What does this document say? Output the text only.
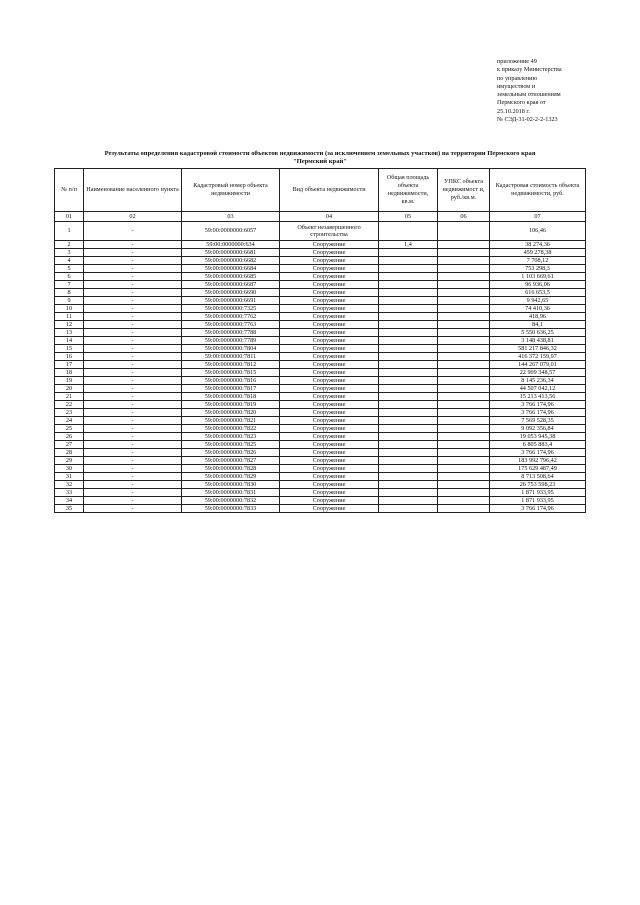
приложение 49
к приказу Министерства
по управлению
имуществом и
земельным отношениям
Пермского края от
25.10.2018 г.
№ СЭД-31-02-2-2-1323
Результаты определения кадастровой стоимости объектов недвижимости (за исключением земельных участков) на территории Пермского края
"Пермский край"
№ п/п	Наименование населенного пункта	Кадастровый номер объекта недвижимости	Вид объекта недвижимости	Общая площадь объекта недвижимости, кв.м.	УПКС объекта недвижимост и, руб./кв.м.	Кадастровая стоимость объекта недвижимости, руб.
01	02	03	04	05	06	07
1	-	59:00:0000000:6057	Объект незавершенного строительства			106,46
2	-	59:00:0000000:634	Сооружение	1,4		38 274,36
3	-	59:00:0000000:6681	Сооружение			459 278,38
4	-	59:00:0000000:6682	Сооружение			7 708,12
5	-	59:00:0000000:6684	Сооружение			753 298,3
6	-	59:00:0000000:6685	Сооружение			1 103 669,61
7	-	59:00:0000000:6687	Сооружение			96 936,06
8	-	59:00:0000000:6690	Сооружение			616 653,5
9	-	59:00:0000000:6691	Сооружение			9 942,65
10	-	59:00:0000000:7325	Сооружение			74 410,36
11	-	59:00:0000000:7762	Сооружение			418,96
12	-	59:00:0000000:7763	Сооружение			84,1
13	-	59:00:0000000:7788	Сооружение			5 550 636,25
14	-	59:00:0000000:7789	Сооружение			3 148 438,81
15	-	59:00:0000000:7804	Сооружение			581 217 846,32
16	-	59:00:0000000:7811	Сооружение			416 372 159,97
17	-	59:00:0000000:7812	Сооружение			144 267 079,01
18	-	59:00:0000000:7815	Сооружение			22 909 348,57
19	-	59:00:0000000:7816	Сооружение			8 145 236,34
20	-	59:00:0000000:7817	Сооружение			44 507 042,12
21	-	59:00:0000000:7818	Сооружение			15 213 413,56
22	-	59:00:0000000:7819	Сооружение			3 766 174,96
23	-	59:00:0000000:7820	Сооружение			3 766 174,96
24	-	59:00:0000000:7821	Сооружение			7 569 528,35
25	-	59:00:0000000:7822	Сооружение			9 092 356,84
26	-	59:00:0000000:7823	Сооружение			19 053 945,38
27	-	59:00:0000000:7825	Сооружение			6 805 883,4
28	-	59:00:0000000:7826	Сооружение			3 766 174,96
29	-	59:00:0000000:7827	Сооружение			183 992 796,42
30	-	59:00:0000000:7828	Сооружение			175 629 487,49
31	-	59:00:0000000:7829	Сооружение			8 713 508,64
32	-	59:00:0000000:7830	Сооружение			26 753 598,23
33	-	59:00:0000000:7831	Сооружение			1 871 933,95
34	-	59:00:0000000:7832	Сооружение			1 871 933,95
35	-	59:00:0000000:7833	Сооружение			3 766 174,96
